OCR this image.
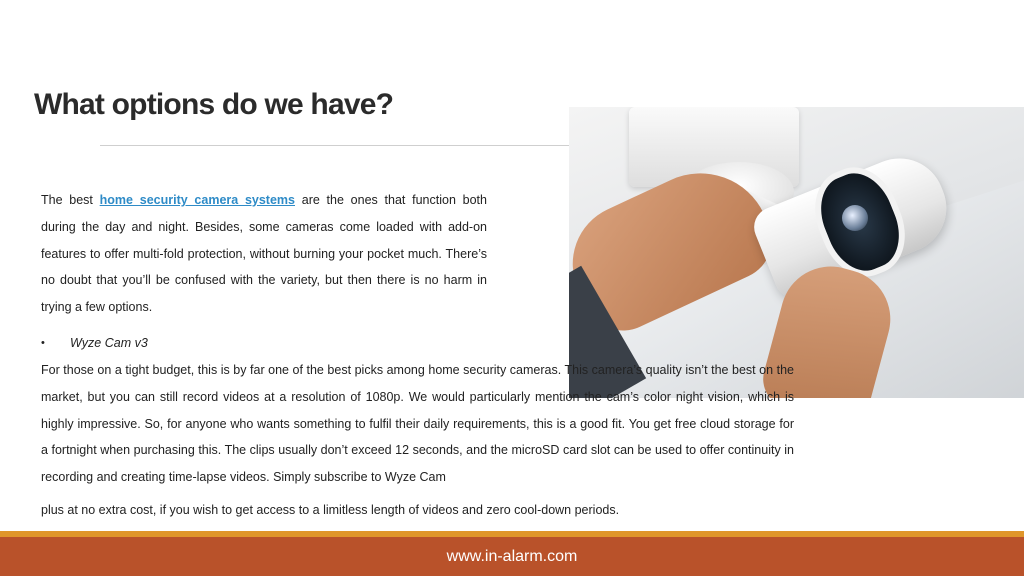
What options do we have?

The best home security camera systems are the ones that function both during the day and night. Besides, some cameras come loaded with add-on features to offer multi-fold protection, without burning your pocket much. There’s no doubt that you’ll be confused with the variety, but then there is no harm in trying a few options.

• Wyze Cam v3
For those on a tight budget, this is by far one of the best picks among home security cameras. This camera’s quality isn’t the best on the market, but you can still record videos at a resolution of 1080p. We would particularly mention the cam’s color night vision, which is highly impressive. So, for anyone who wants something to fulfil their daily requirements, this is a good fit. You get free cloud storage for a fortnight when purchasing this. The clips usually don’t exceed 12 seconds, and the microSD card slot can be used to offer continuity in recording and creating time-lapse videos. Simply subscribe to Wyze Cam
plus at no extra cost, if you wish to get access to a limitless length of videos and zero cool-down periods.
www.in-alarm.com
